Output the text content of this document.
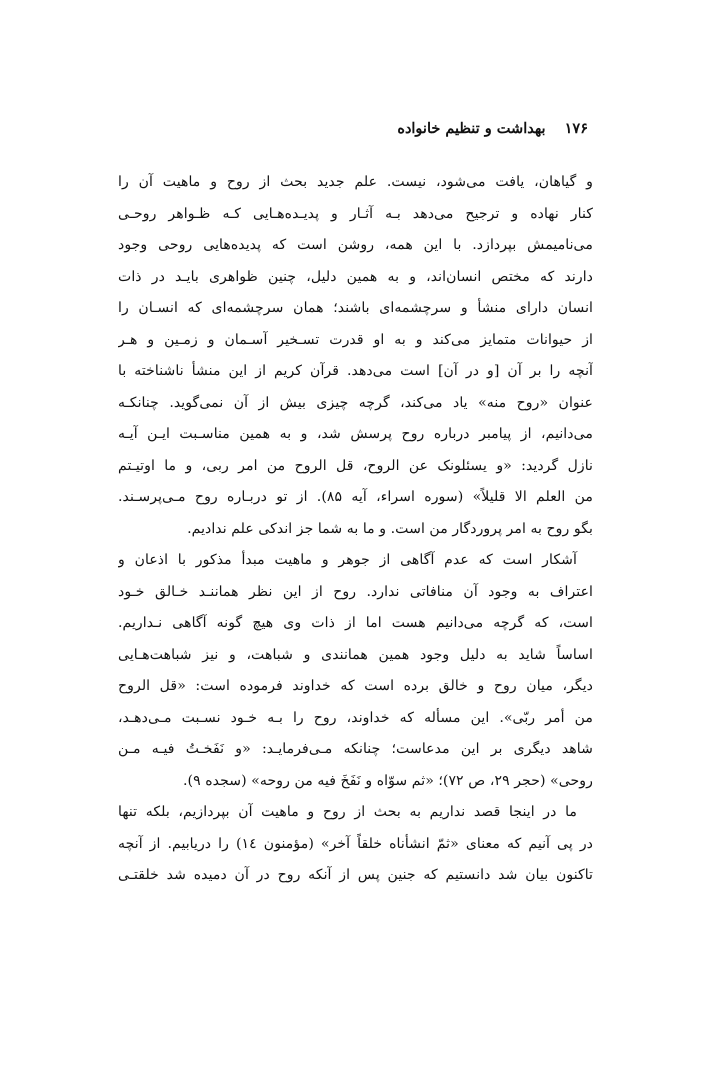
۱۷۶ بهداشت و تنظیم خانواده
و گیاهان، یافت می‌شود، نیست. علم جدید بحث از روح و ماهیت آن را
کنار نهاده و ترجیح می‌دهد بـه آثـار و پدیـده‌هـایی کـه ظـواهر روحـی
می‌نامیمش بپردازد. با این همه، روشن است که پدیده‌هایی روحی وجود
دارند که مختص انسان‌اند، و به همین دلیل، چنین ظواهری بایـد در ذات
انسان دارای منشأ و سرچشمه‌ای باشند؛ همان سرچشمه‌ای که انسـان را
از حیوانات متمایز می‌کند و به او قدرت تسـخیر آسـمان و زمـین و هـر
آنچه را بر آن [و در آن] است می‌دهد. قرآن کریم از این منشأ ناشناخته با
عنوان «روح منه» یاد می‌کند، گرچه چیزی بیش از آن نمی‌گوید. چنانکـه
می‌دانیم، از پیامبر درباره روح پرسش شد، و به همین مناسـبت ایـن آیـه
نازل گردید: «و یسئلونک عن الروح، قل الروح من امر ربی، و ما اوتیـتم
من العلم الا قلیلاً» (سوره اسراء، آیه ۸۵). از تو دربـاره روح مـی‌پرسـند.
بگو روح به امر پروردگار من است. و ما به شما جز اندکی علم ندادیم.
آشکار است که عدم آگاهی از جوهر و ماهیت مبدأ مذکور با اذعان و
اعتراف به وجود آن منافاتی ندارد. روح از این نظر هماننـد خـالق خـود
است، که گرچه می‌دانیم هست اما از ذات وی هیچ گونه آگاهی نـداریم.
اساساً شاید به دلیل وجود همین همانندی و شباهت، و نیز شباهت‌هـایی
دیگر، میان روح و خالق برده است که خداوند فرموده است: «قل الروح
من أمر ربّی». این مسأله که خداوند، روح را بـه خـود نسـبت مـی‌دهـد،
شاهد دیگری بر این مدعاست؛ چنانکه مـی‌فرمایـد: «و نَفَخـتُ فیـه مـن
روحی» (حجر ۲۹، ص ۷۲)؛ «ثم سوّاه و نَفَخَ فیه من روحه» (سجده ۹).
ما در اینجا قصد نداریم به بحث از روح و ماهیت آن بپردازیم، بلکه تنها
در پی آنیم که معنای «ثمّ انشأناه خلقاً آخر» (مؤمنون ١٤) را دریابیم. از آنچه
تاکنون بیان شد دانستیم که جنین پس از آنکه روح در آن دمیده شد خلقتـی
